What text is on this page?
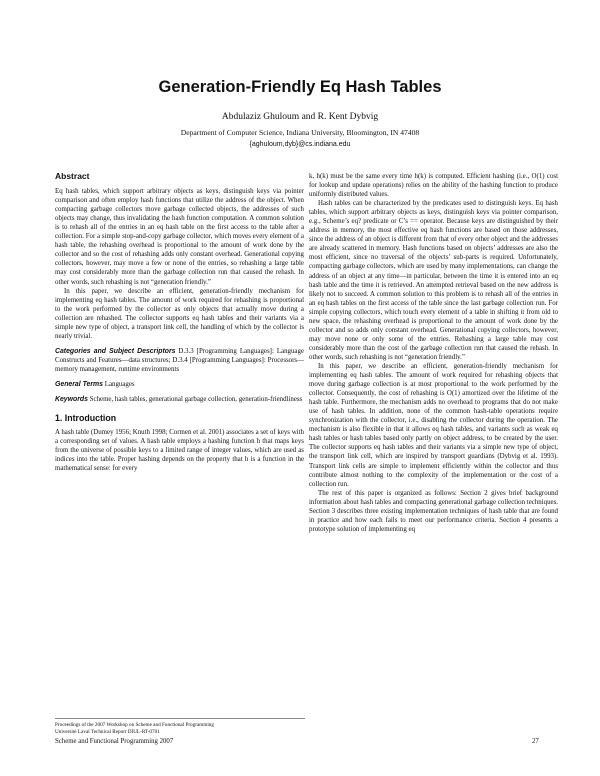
Generation-Friendly Eq Hash Tables
Abdulaziz Ghuloum and R. Kent Dybvig
Department of Computer Science, Indiana University, Bloomington, IN 47408
{aghuloum,dyb}@cs.indiana.edu
Abstract

Eq hash tables, which support arbitrary objects as keys, distinguish keys via pointer comparison and often employ hash functions that utilize the address of the object. When compacting garbage collectors move garbage collected objects, the addresses of such objects may change, thus invalidating the hash function computation. A common solution is to rehash all of the entries in an eq hash table on the first access to the table after a collection. For a simple stop-and-copy garbage collector, which moves every element of a hash table, the rehashing overhead is proportional to the amount of work done by the collector and so the cost of rehashing adds only constant overhead. Generational copying collectors, however, may move a few or none of the entries, so rehashing a large table may cost considerably more than the garbage collection run that caused the rehash. In other words, such rehashing is not “generation friendly.”

In this paper, we describe an efficient, generation-friendly mechanism for implementing eq hash tables. The amount of work required for rehashing is proportional to the work performed by the collector as only objects that actually move during a collection are rehashed. The collector supports eq hash tables and their variants via a simple new type of object, a transport link cell, the handling of which by the collector is nearly trivial.

Categories and Subject Descriptors D.3.3 [Programming Languages]: Language Constructs and Features—data structures; D.3.4 [Programming Languages]: Processors—memory management, runtime environments
General Terms Languages
Keywords Scheme, hash tables, generational garbage collection, generation-friendliness
1. Introduction

A hash table (Dumey 1956; Knuth 1998; Cormen et al. 2001) associates a set of keys with a corresponding set of values. A hash table employs a hashing function h that maps keys from the universe of possible keys to a limited range of integer values, which are used as indices into the table. Proper hashing depends on the property that h is a function in the mathematical sense: for every

k, h(k) must be the same every time h(k) is computed. Efficient hashing (i.e., O(1) cost for lookup and update operations) relies on the ability of the hashing function to produce uniformly distributed values.

Hash tables can be characterized by the predicates used to distinguish keys. Eq hash tables, which support arbitrary objects as keys, distinguish keys via pointer comparison, e.g., Scheme’s eq? predicate or C’s == operator. Because keys are distinguished by their address in memory, the most effective eq hash functions are based on those addresses, since the address of an object is different from that of every other object and the addresses are already scattered in memory. Hash functions based on objects’ addresses are also the most efficient, since no traversal of the objects’ sub-parts is required. Unfortunately, compacting garbage collectors, which are used by many implementations, can change the address of an object at any time—in particular, between the time it is entered into an eq hash table and the time it is retrieved. An attempted retrieval based on the new address is likely not to succeed. A common solution to this problem is to rehash all of the entries in an eq hash tables on the first access of the table since the last garbage collection run. For simple copying collectors, which touch every element of a table in shifting it from old to new space, the rehashing overhead is proportional to the amount of work done by the collector and so adds only constant overhead. Generational copying collectors, however, may move none or only some of the entries. Rehashing a large table may cost considerably more than the cost of the garbage collection run that caused the rehash. In other words, such rehashing is not “generation friendly.”

In this paper, we describe an efficient, generation-friendly mechanism for implementing eq hash tables. The amount of work required for rehashing objects that move during garbage collection is at most proportional to the work performed by the collector. Consequently, the cost of rehashing is O(1) amortized over the lifetime of the hash table. Furthermore, the mechanism adds no overhead to programs that do not make use of hash tables. In addition, none of the common hash-table operations require synchronization with the collector, i.e., disabling the collector during the operation. The mechanism is also flexible in that it allows eq hash tables, and variants such as weak eq hash tables or hash tables based only partly on object address, to be created by the user. The collector supports eq hash tables and their variants via a simple new type of object, the transport link cell, which are inspired by transport guardians (Dybvig et al. 1993). Transport link cells are simple to implement efficiently within the collector and thus contribute almost nothing to the complexity of the implementation or the cost of a collection run.

The rest of this paper is organized as follows: Section 2 gives brief background information about hash tables and compacting generational garbage collection techniques. Section 3 describes three existing implementation techniques of hash table that are found in practice and how each fails to meet our performance criteria. Section 4 presents a prototype solution of implementing eq

Proceedings of the 2007 Workshop on Scheme and Functional Programming
Université Laval Technical Report DIUL-RT-0701
Scheme and Functional Programming 2007	27
